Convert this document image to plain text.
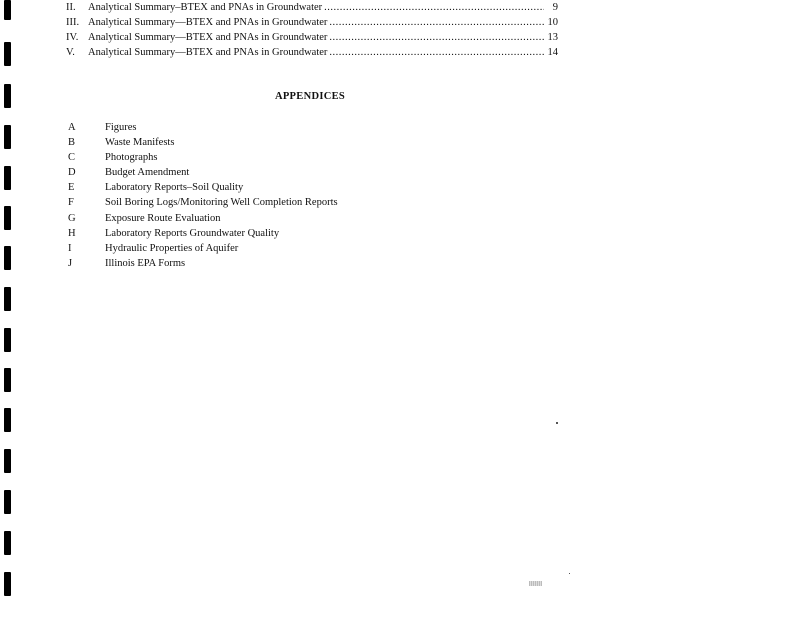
II.	Analytical Summary–BTEX and PNAs in Groundwater .....	9
III. Analytical Summary—BTEX and PNAs in Groundwater .....	10
IV. Analytical Summary—BTEX and PNAs in Groundwater .....	13
V.	Analytical Summary—BTEX and PNAs in Groundwater .....	14
APPENDICES
A	Figures
B	Waste Manifests
C	Photographs
D	Budget Amendment
E	Laboratory Reports–Soil Quality
F	Soil Boring Logs/Monitoring Well Completion Reports
G	Exposure Route Evaluation
H	Laboratory Reports Groundwater Quality
I	Hydraulic Properties of Aquifer
J	Illinois EPA Forms
